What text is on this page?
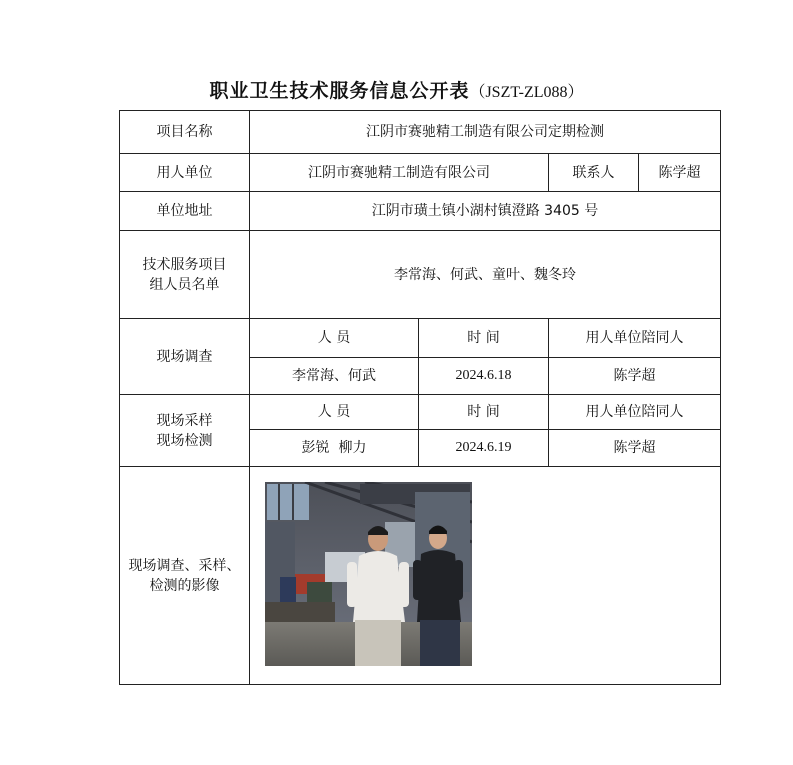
职业卫生技术服务信息公开表（JSZT-ZL088）
项目名称	江阴市赛驰精工制造有限公司定期检测			
用人单位	江阴市赛驰精工制造有限公司		联系人	陈学超
单位地址	江阴市璜土镇小湖村镇澄路 3405 号			
技术服务项目组人员名单	李常海、何武、童叶、魏冬玲			
现场调查	人 员	时 间	用人单位陪同人	
	李常海、何武	2024.6.18	陈学超	
现场采样现场检测	人 员	时 间	用人单位陪同人	
	彭锐  柳力	2024.6.19	陈学超	
现场调查、采样、检测的影像	
